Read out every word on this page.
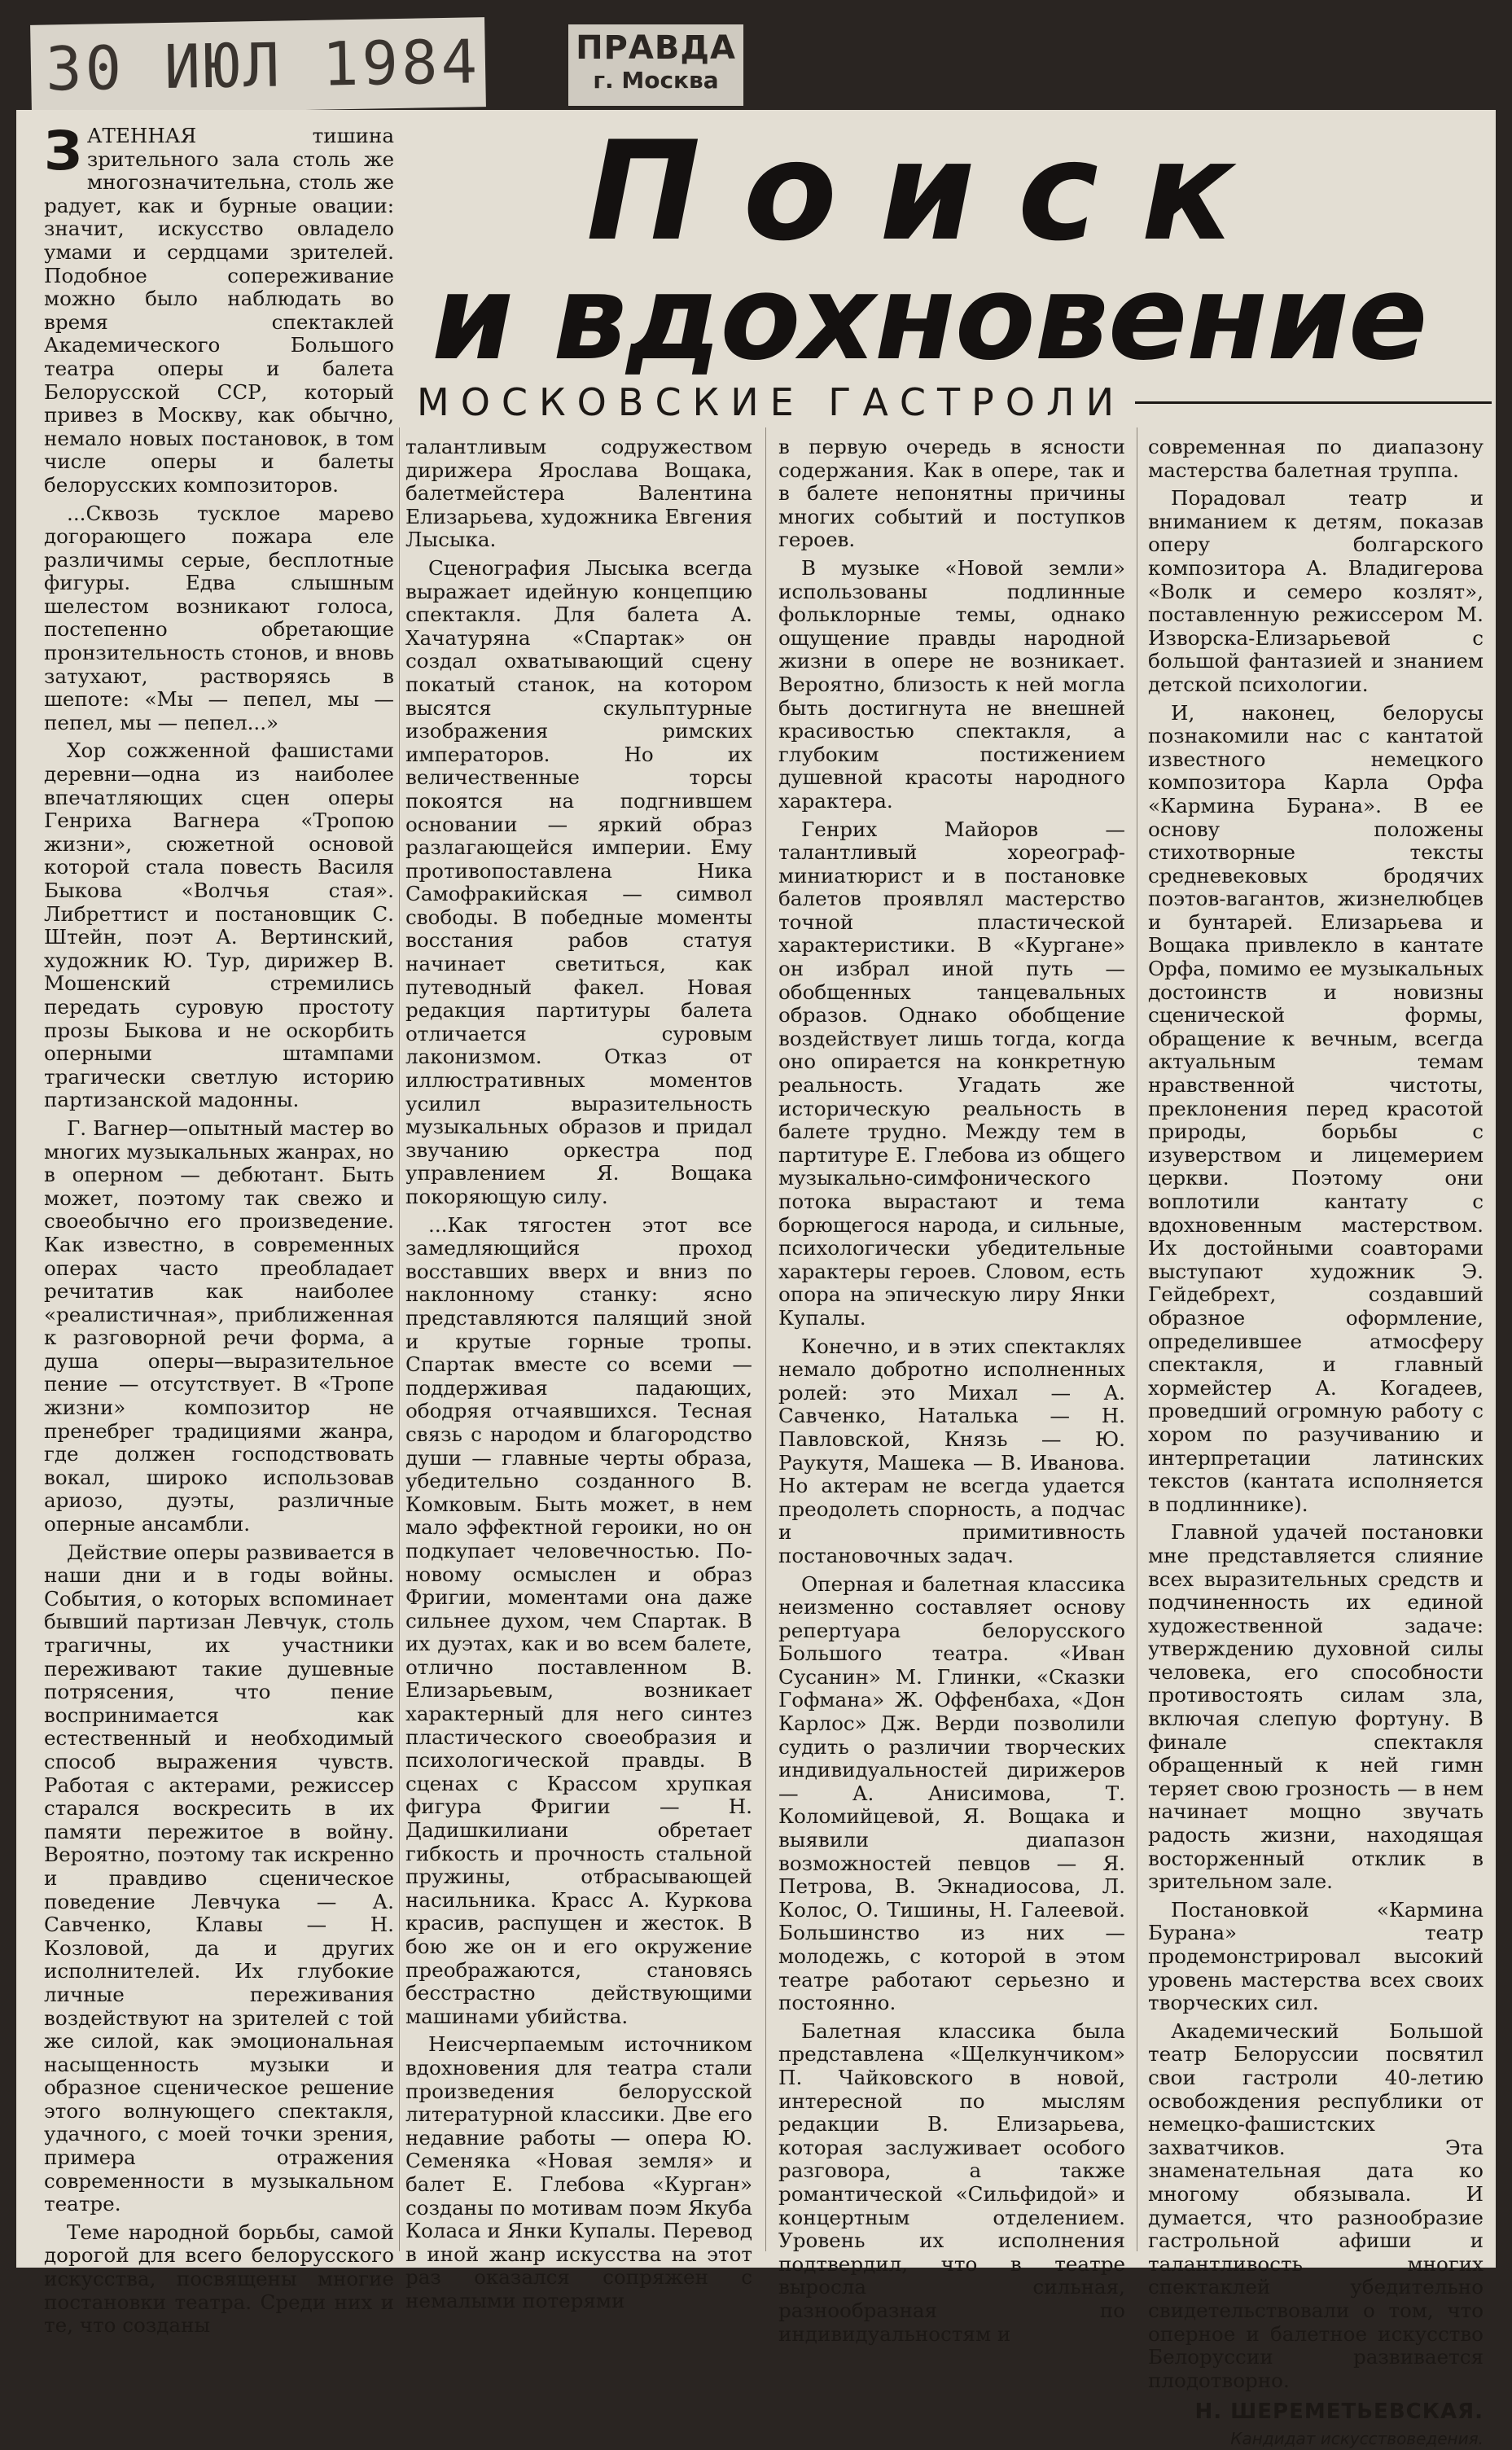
30 ИЮЛ 1984	ПРАВДА
г. Москва
Поиск
и вдохновение
МОСКОВСКИЕ ГАСТРОЛИ

ЗАТЕННАЯ тишина зрительного зала столь же многозначительна, столь же радует, как и бурные овации: значит, искусство овладело умами и сердцами зрителей. Подобное сопереживание можно было наблюдать во время спектаклей Академического Большого театра оперы и балета Белорусской ССР, который привез в Москву, как обычно, немало новых постановок, в том числе оперы и балеты белорусских композиторов.

...Сквозь тусклое марево догорающего пожара еле различимы серые, бесплотные фигуры. Едва слышным шелестом возникают голоса, постепенно обретающие пронзительность стонов, и вновь затухают, растворяясь в шепоте: «Мы — пепел, мы — пепел, мы — пепел...»

Хор сожженной фашистами деревни—одна из наиболее впечатляющих сцен оперы Генриха Вагнера «Тропою жизни», сюжетной основой которой стала повесть Василя Быкова «Волчья стая». Либреттист и постановщик С. Штейн, поэт А. Вертинский, художник Ю. Тур, дирижер В. Мошенский стремились передать суровую простоту прозы Быкова и не оскорбить оперными штампами трагически светлую историю партизанской мадонны.

Г. Вагнер—опытный мастер во многих музыкальных жанрах, но в оперном — дебютант. Быть может, поэтому так свежо и своеобычно его произведение. Как известно, в современных операх часто преобладает речитатив как наиболее «реалистичная», приближенная к разговорной речи форма, а душа оперы—выразительное пение — отсутствует. В «Тропе жизни» композитор не пренебрег традициями жанра, где должен господствовать вокал, широко использовав ариозо, дуэты, различные оперные ансамбли.

Действие оперы развивается в наши дни и в годы войны. События, о которых вспоминает бывший партизан Левчук, столь трагичны, их участники переживают такие душевные потрясения, что пение воспринимается как естественный и необходимый способ выражения чувств. Работая с актерами, режиссер старался воскресить в их памяти пережитое в войну. Вероятно, поэтому так искренно и правдиво сценическое поведение Левчука — А. Савченко, Клавы — Н. Козловой, да и других исполнителей. Их глубокие личные переживания воздействуют на зрителей с той же силой, как эмоциональная насыщенность музыки и образное сценическое решение этого волнующего спектакля, удачного, с моей точки зрения, примера отражения современности в музыкальном театре.

Теме народной борьбы, самой дорогой для всего белорусского искусства, посвящены многие постановки театра. Среди них и те, что созданы

талантливым содружеством дирижера Ярослава Вощака, балетмейстера Валентина Елизарьева, художника Евгения Лысыка.

Сценография Лысыка всегда выражает идейную концепцию спектакля. Для балета А. Хачатуряна «Спартак» он создал охватывающий сцену покатый станок, на котором высятся скульптурные изображения римских императоров. Но их величественные торсы покоятся на подгнившем основании — яркий образ разлагающейся империи. Ему противопоставлена Ника Самофракийская — символ свободы. В победные моменты восстания рабов статуя начинает светиться, как путеводный факел. Новая редакция партитуры балета отличается суровым лаконизмом. Отказ от иллюстративных моментов усилил выразительность музыкальных образов и придал звучанию оркестра под управлением Я. Вощака покоряющую силу.

...Как тягостен этот все замедляющийся проход восставших вверх и вниз по наклонному станку: ясно представляются палящий зной и крутые горные тропы. Спартак вместе со всеми — поддерживая падающих, ободряя отчаявшихся. Тесная связь с народом и благородство души — главные черты образа, убедительно созданного В. Комковым. Быть может, в нем мало эффектной героики, но он подкупает человечностью. По-новому осмыслен и образ Фригии, моментами она даже сильнее духом, чем Спартак. В их дуэтах, как и во всем балете, отлично поставленном В. Елизарьевым, возникает характерный для него синтез пластического своеобразия и психологической правды. В сценах с Крассом хрупкая фигура Фригии — Н. Дадишкилиани обретает гибкость и прочность стальной пружины, отбрасывающей насильника. Красс А. Куркова красив, распущен и жесток. В бою же он и его окружение преображаются, становясь бесстрастно действующими машинами убийства.

Неисчерпаемым источником вдохновения для театра стали произведения белорусской литературной классики. Две его недавние работы — опера Ю. Семеняка «Новая земля» и балет Е. Глебова «Курган» созданы по мотивам поэм Якуба Коласа и Янки Купалы. Перевод в иной жанр искусства на этот раз оказался сопряжен с немалыми потерями

в первую очередь в ясности содержания. Как в опере, так и в балете непонятны причины многих событий и поступков героев.

В музыке «Новой земли» использованы подлинные фольклорные темы, однако ощущение правды народной жизни в опере не возникает. Вероятно, близость к ней могла быть достигнута не внешней красивостью спектакля, а глубоким постижением душевной красоты народного характера.

Генрих Майоров — талантливый хореограф-миниатюрист и в постановке балетов проявлял мастерство точной пластической характеристики. В «Кургане» он избрал иной путь — обобщенных танцевальных образов. Однако обобщение воздействует лишь тогда, когда оно опирается на конкретную реальность. Угадать же историческую реальность в балете трудно. Между тем в партитуре Е. Глебова из общего музыкально-симфонического потока вырастают и тема борющегося народа, и сильные, психологически убедительные характеры героев. Словом, есть опора на эпическую лиру Янки Купалы.

Конечно, и в этих спектаклях немало добротно исполненных ролей: это Михал — А. Савченко, Наталька — Н. Павловской, Князь — Ю. Раукутя, Машека — В. Иванова. Но актерам не всегда удается преодолеть спорность, а подчас и примитивность постановочных задач.

Оперная и балетная классика неизменно составляет основу репертуара белорусского Большого театра. «Иван Сусанин» М. Глинки, «Сказки Гофмана» Ж. Оффенбаха, «Дон Карлос» Дж. Верди позволили судить о различии творческих индивидуальностей дирижеров — А. Анисимова, Т. Коломийцевой, Я. Вощака и выявили диапазон возможностей певцов — Я. Петрова, В. Экнадиосова, Л. Колос, О. Тишины, Н. Галеевой. Большинство из них — молодежь, с которой в этом театре работают серьезно и постоянно.

Балетная классика была представлена «Щелкунчиком» П. Чайковского в новой, интересной по мыслям редакции В. Елизарьева, которая заслуживает особого разговора, а также романтической «Сильфидой» и концертным отделением. Уровень их исполнения подтвердил, что в театре выросла сильная, разнообразная по индивидуальностям и

современная по диапазону мастерства балетная труппа.

Порадовал театр и вниманием к детям, показав оперу болгарского композитора А. Владигерова «Волк и семеро козлят», поставленную режиссером М. Изворска-Елизарьевой с большой фантазией и знанием детской психологии.

И, наконец, белорусы познакомили нас с кантатой известного немецкого композитора Карла Орфа «Кармина Бурана». В ее основу положены стихотворные тексты средневековых бродячих поэтов-вагантов, жизнелюбцев и бунтарей. Елизарьева и Вощака привлекло в кантате Орфа, помимо ее музыкальных достоинств и новизны сценической формы, обращение к вечным, всегда актуальным темам нравственной чистоты, преклонения перед красотой природы, борьбы с изуверством и лицемерием церкви. Поэтому они воплотили кантату с вдохновенным мастерством. Их достойными соавторами выступают художник Э. Гейдебрехт, создавший образное оформление, определившее атмосферу спектакля, и главный хормейстер А. Когадеев, проведший огромную работу с хором по разучиванию и интерпретации латинских текстов (кантата исполняется в подлиннике).

Главной удачей постановки мне представляется слияние всех выразительных средств и подчиненность их единой художественной задаче: утверждению духовной силы человека, его способности противостоять силам зла, включая слепую фортуну. В финале спектакля обращенный к ней гимн теряет свою грозность — в нем начинает мощно звучать радость жизни, находящая восторженный отклик в зрительном зале.

Постановкой «Кармина Бурана» театр продемонстрировал высокий уровень мастерства всех своих творческих сил.

Академический Большой театр Белоруссии посвятил свои гастроли 40-летию освобождения республики от немецко-фашистских захватчиков. Эта знаменательная дата ко многому обязывала. И думается, что разнообразие гастрольной афиши и талантливость многих спектаклей убедительно свидетельствовали о том, что оперное и балетное искусство Белоруссии развивается плодотворно.

Н. ШЕРЕМЕТЬЕВСКАЯ.
Кандидат искусствоведения.
